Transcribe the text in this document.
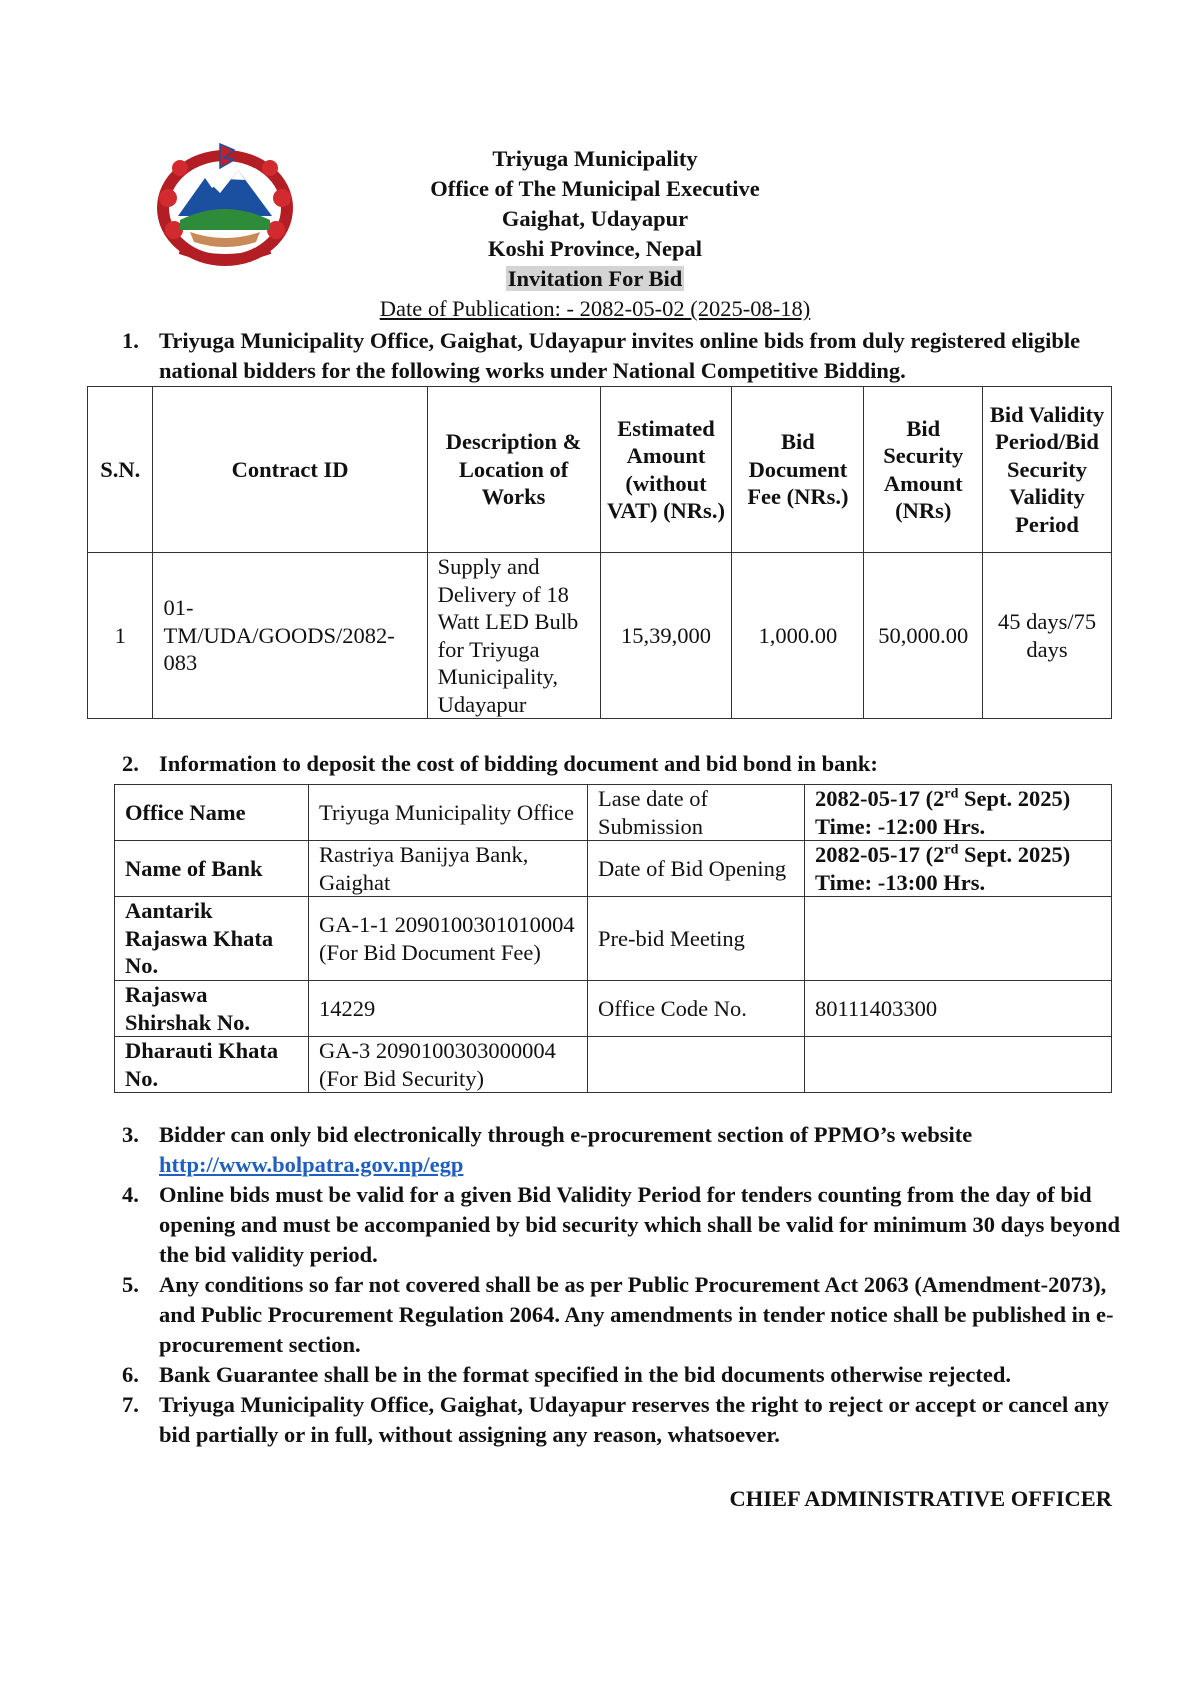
Triyuga Municipality
Office of The Municipal Executive
Gaighat, Udayapur
Koshi Province, Nepal
Invitation For Bid
Date of Publication: - 2082-05-02 (2025-08-18)
1. Triyuga Municipality Office, Gaighat, Udayapur invites online bids from duly registered eligible national bidders for the following works under National Competitive Bidding.
S.N.	Contract ID	Description & Location of Works	Estimated Amount (without VAT) (NRs.)	Bid Document Fee (NRs.)	Bid Security Amount (NRs)	Bid Validity Period/Bid Security Validity Period
1	01-TM/UDA/GOODS/2082-083	Supply and Delivery of 18 Watt LED Bulb for Triyuga Municipality, Udayapur	15,39,000	1,000.00	50,000.00	45 days/75 days
2. Information to deposit the cost of bidding document and bid bond in bank:
Office Name	Triyuga Municipality Office	Lase date of Submission	2082-05-17 (2rd Sept. 2025)
Time: -12:00 Hrs.
Name of Bank	Rastriya Banijya Bank, Gaighat	Date of Bid Opening	2082-05-17 (2rd Sept. 2025)
Time: -13:00 Hrs.
Aantarik Rajaswa Khata No.	GA-1-1 2090100301010004 (For Bid Document Fee)	Pre-bid Meeting	
Rajaswa Shirshak No.	14229	Office Code No.	80111403300
Dharauti Khata No.	GA-3 2090100303000004 (For Bid Security)		
3. Bidder can only bid electronically through e-procurement section of PPMO’s website
http://www.bolpatra.gov.np/egp
4. Online bids must be valid for a given Bid Validity Period for tenders counting from the day of bid opening and must be accompanied by bid security which shall be valid for minimum 30 days beyond the bid validity period.
5. Any conditions so far not covered shall be as per Public Procurement Act 2063 (Amendment-2073), and Public Procurement Regulation 2064. Any amendments in tender notice shall be published in e-procurement section.
6. Bank Guarantee shall be in the format specified in the bid documents otherwise rejected.
7. Triyuga Municipality Office, Gaighat, Udayapur reserves the right to reject or accept or cancel any bid partially or in full, without assigning any reason, whatsoever.
CHIEF ADMINISTRATIVE OFFICER
